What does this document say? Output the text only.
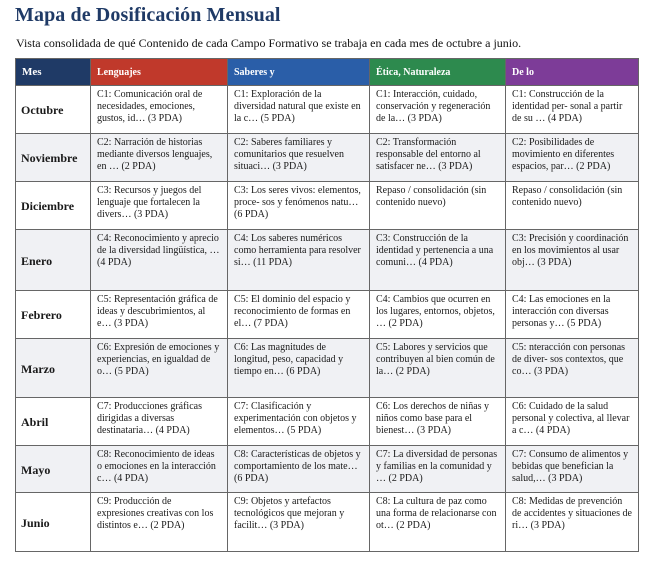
Mapa de Dosificación Mensual
Vista consolidada de qué Contenido de cada Campo Formativo se trabaja en cada mes de octubre a junio.
Mes	Lenguajes	Saberes y	Ética, Naturaleza	De lo
Octubre	C1: Comunicación oral de necesidades, emociones, gustos, id… (3 PDA)	C1: Exploración de la diversidad natural que existe en la c… (5 PDA)	C1: Interacción, cuidado, conservación y regeneración de la… (3 PDA)	C1: Construcción de la identidad per- sonal a partir de su … (4 PDA)
Noviembre	C2: Narración de historias mediante diversos lenguajes, en … (2 PDA)	C2: Saberes familiares y comunitarios que resuelven situaci… (3 PDA)	C2: Transformación responsable del entorno al satisfacer ne… (3 PDA)	C2: Posibilidades de movimiento en diferentes espacios, par… (2 PDA)
Diciembre	C3: Recursos y juegos del lenguaje que fortalecen la divers… (3 PDA)	C3: Los seres vivos: elementos, proce- sos y fenómenos natu… (6 PDA)	Repaso / consolidación (sin contenido nuevo)	Repaso / consolidación (sin contenido nuevo)
Enero	C4: Reconocimiento y aprecio de la diversidad lingüística, … (4 PDA)	C4: Los saberes numéricos como herramienta para resolver si… (11 PDA)	C3: Construcción de la identidad y pertenencia a una comuni… (4 PDA)	C3: Precisión y coordinación en los movimientos al usar obj… (3 PDA)
Febrero	C5: Representación gráfica de ideas y descubrimientos, al e… (3 PDA)	C5: El dominio del espacio y reconocimiento de formas en el… (7 PDA)	C4: Cambios que ocurren en los lugares, entornos, objetos, … (2 PDA)	C4: Las emociones en la interacción con diversas personas y… (5 PDA)
Marzo	C6: Expresión de emociones y experiencias, en igualdad de o… (5 PDA)	C6: Las magnitudes de longitud, peso, capacidad y tiempo en… (6 PDA)	C5: Labores y servicios que contribuyen al bien común de la… (2 PDA)	C5: nteracción con personas de diver- sos contextos, que co… (3 PDA)
Abril	C7: Producciones gráficas dirigidas a diversas destinataria… (4 PDA)	C7: Clasificación y experimentación con objetos y elementos… (5 PDA)	C6: Los derechos de niñas y niños como base para el bienest… (3 PDA)	C6: Cuidado de la salud personal y colectiva, al llevar a c… (4 PDA)
Mayo	C8: Reconocimiento de ideas o emociones en la interacción c… (4 PDA)	C8: Características de objetos y comportamiento de los mate… (6 PDA)	C7: La diversidad de personas y familias en la comunidad y … (2 PDA)	C7: Consumo de alimentos y bebidas que benefician la salud,… (3 PDA)
Junio	C9: Producción de expresiones creativas con los distintos e… (2 PDA)	C9: Objetos y artefactos tecnológicos que mejoran y facilit… (3 PDA)	C8: La cultura de paz como una forma de relacionarse con ot… (2 PDA)	C8: Medidas de prevención de accidentes y situaciones de ri… (3 PDA)
